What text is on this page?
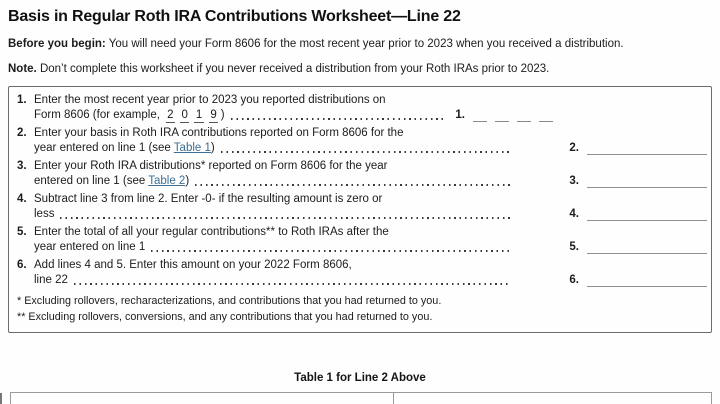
Basis in Regular Roth IRA Contributions Worksheet—Line 22

Before you begin: You will need your Form 8606 for the most recent year prior to 2023 when you received a distribution.

Note. Don’t complete this worksheet if you never received a distribution from your Roth IRAs prior to 2023.

1. Enter the most recent year prior to 2023 you reported distributions on
Form 8606 (for example, 2 0 1 9 )	1.
2. Enter your basis in Roth IRA contributions reported on Form 8606 for the
year entered on line 1 (see Table 1)	2.
3. Enter your Roth IRA distributions* reported on Form 8606 for the year
entered on line 1 (see Table 2)	3.
4. Subtract line 3 from line 2. Enter -0- if the resulting amount is zero or
less	4.
5. Enter the total of all your regular contributions** to Roth IRAs after the
year entered on line 1	5.
6. Add lines 4 and 5. Enter this amount on your 2022 Form 8606,
line 22	6.
* Excluding rollovers, recharacterizations, and contributions that you had returned to you.
** Excluding rollovers, conversions, and any contributions that you had returned to you.
Table 1 for Line 2 Above
